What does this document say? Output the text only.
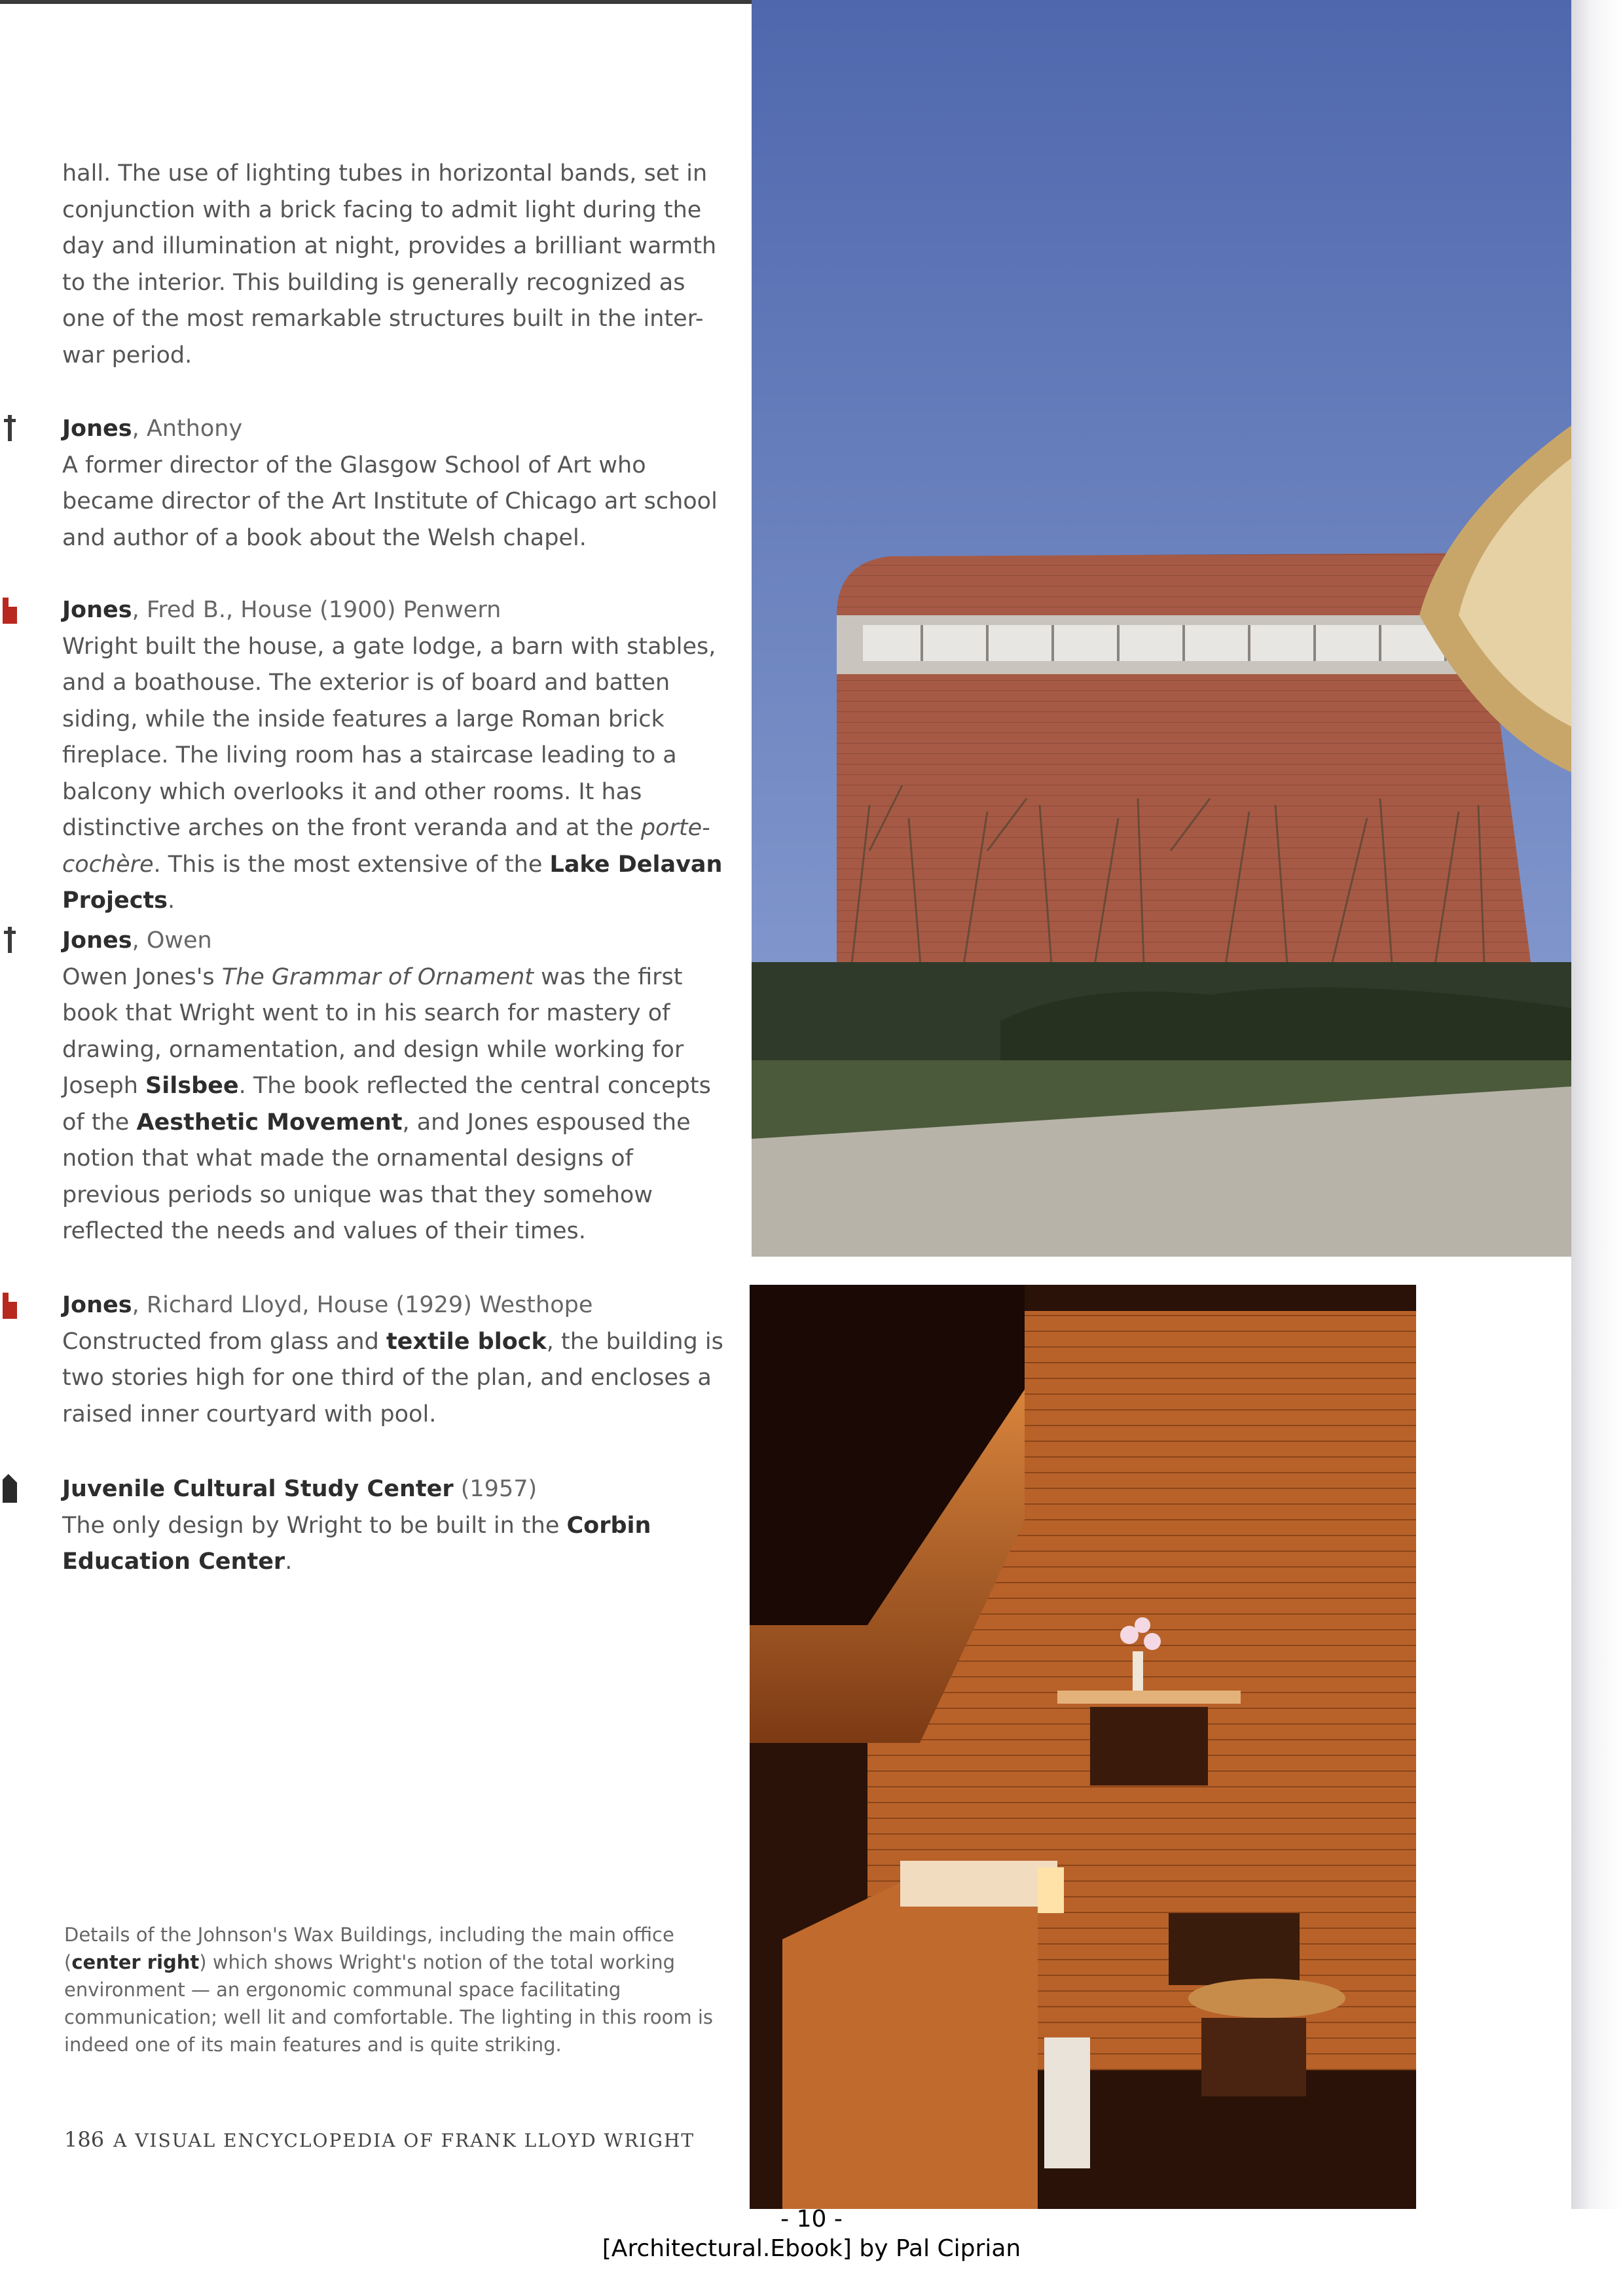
hall. The use of lighting tubes in horizontal bands, set in conjunction with a brick facing to admit light during the day and illumination at night, provides a brilliant warmth to the interior. This building is generally recognized as one of the most remarkable structures built in the inter-war period.

Jones, Anthony

A former director of the Glasgow School of Art who became director of the Art Institute of Chicago art school and author of a book about the Welsh chapel.

Jones, Fred B., House (1900) Penwern

Wright built the house, a gate lodge, a barn with stables, and a boathouse. The exterior is of board and batten siding, while the inside features a large Roman brick fireplace. The living room has a staircase leading to a balcony which overlooks it and other rooms. It has distinctive arches on the front veranda and at the porte-cochère. This is the most extensive of the Lake Delavan Projects.

Jones, Owen

Owen Jones's The Grammar of Ornament was the first book that Wright went to in his search for mastery of drawing, ornamentation, and design while working for Joseph Silsbee. The book reflected the central concepts of the Aesthetic Movement, and Jones espoused the notion that what made the ornamental designs of previous periods so unique was that they somehow reflected the needs and values of their times.

Jones, Richard Lloyd, House (1929) Westhope

Constructed from glass and textile block, the building is two stories high for one third of the plan, and encloses a raised inner courtyard with pool.

Juvenile Cultural Study Center (1957)

The only design by Wright to be built in the Corbin Education Center.

Details of the Johnson's Wax Buildings, including the main office (center right) which shows Wright's notion of the total working environment — an ergonomic communal space facilitating communication; well lit and comfortable. The lighting in this room is indeed one of its main features and is quite striking.

186 A VISUAL ENCYCLOPEDIA OF FRANK LLOYD WRIGHT
- 10 -
[Architectural.Ebook] by Pal Ciprian
